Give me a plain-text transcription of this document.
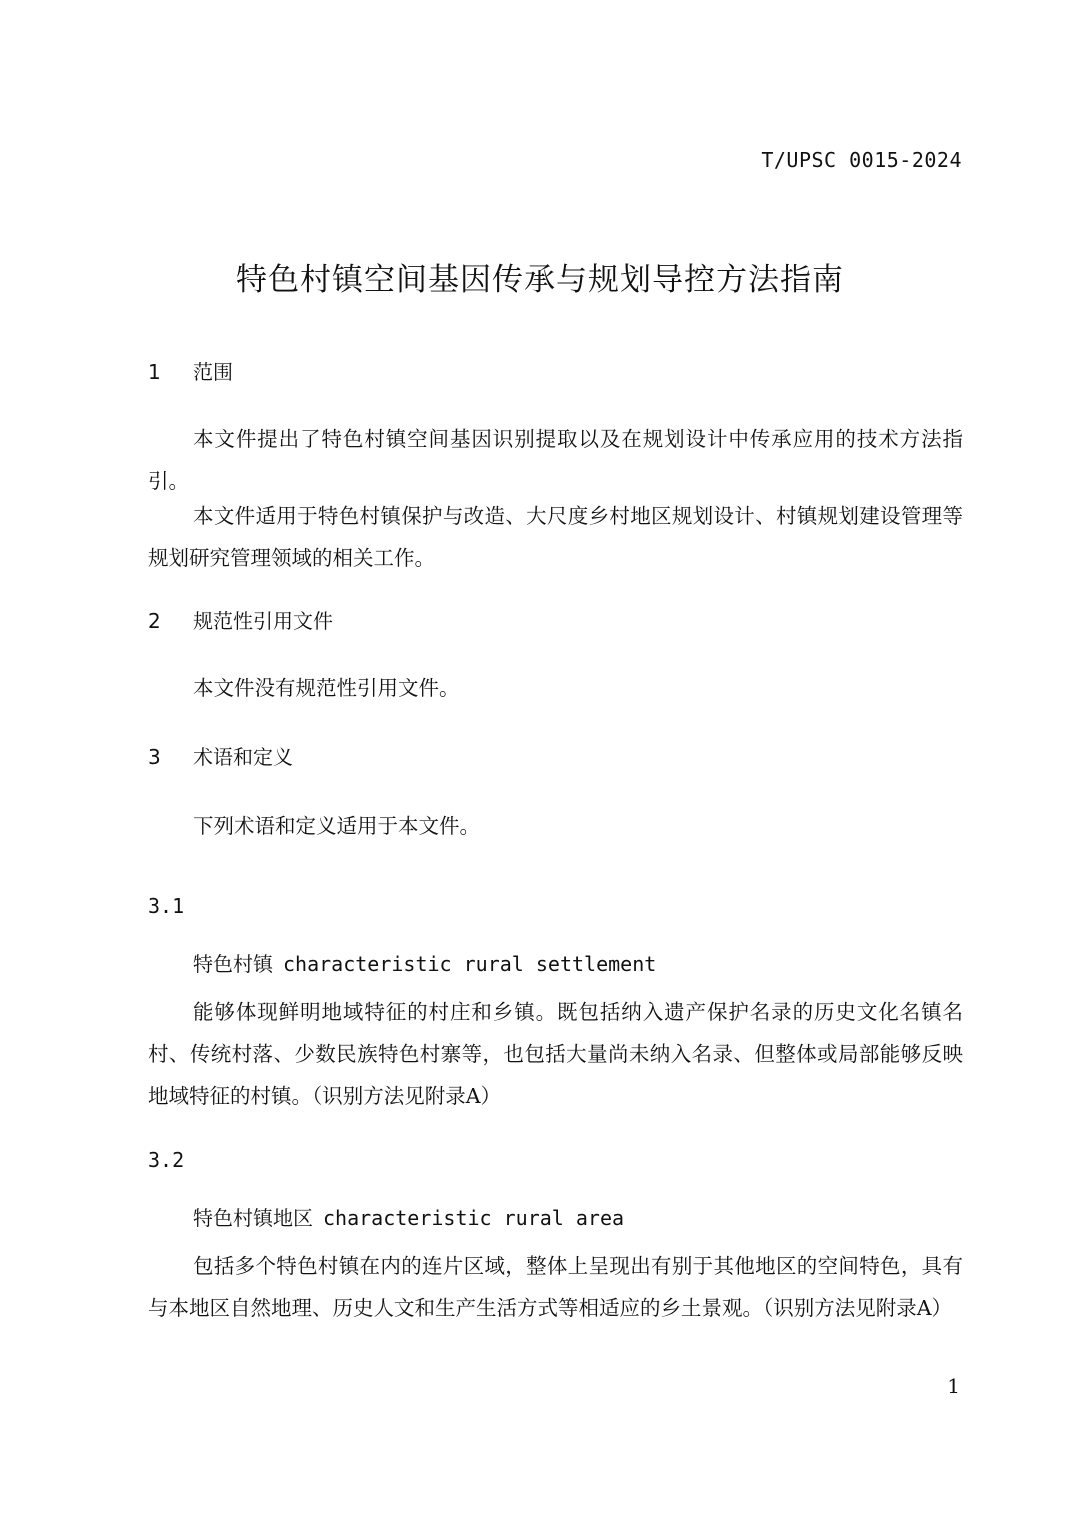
T/UPSC 0015-2024
特色村镇空间基因传承与规划导控方法指南
1 范围

本文件提出了特色村镇空间基因识别提取以及在规划设计中传承应用的技术方法指引。

本文件适用于特色村镇保护与改造、大尺度乡村地区规划设计、村镇规划建设管理等规划研究管理领域的相关工作。

2 规范性引用文件

本文件没有规范性引用文件。

3 术语和定义

下列术语和定义适用于本文件。

3.1
特色村镇 characteristic rural settlement

能够体现鲜明地域特征的村庄和乡镇。既包括纳入遗产保护名录的历史文化名镇名村、传统村落、少数民族特色村寨等，也包括大量尚未纳入名录、但整体或局部能够反映地域特征的村镇。（识别方法见附录A）

3.2
特色村镇地区 characteristic rural area

包括多个特色村镇在内的连片区域，整体上呈现出有别于其他地区的空间特色，具有与本地区自然地理、历史人文和生产生活方式等相适应的乡土景观。（识别方法见附录A）

1
